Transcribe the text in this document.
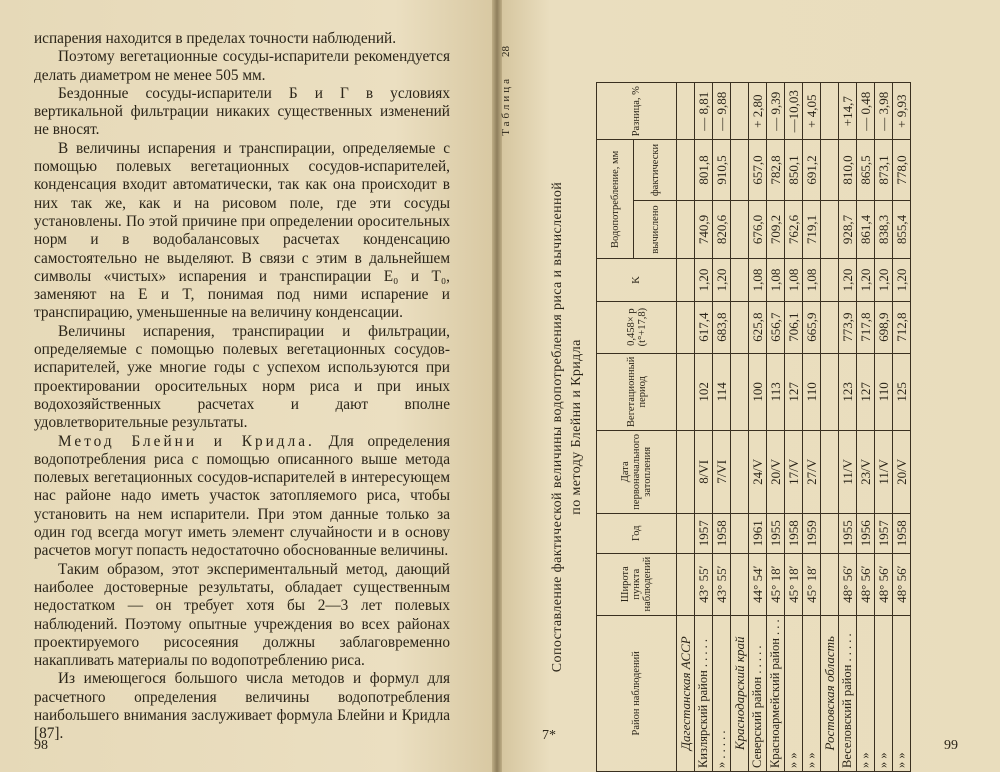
испарения находится в пределах точности наблюдений.

Поэтому вегетационные сосуды-испарители рекомендуется делать диаметром не менее 505 мм.

Бездонные сосуды-испарители Б и Г в условиях вертикальной фильтрации никаких существенных изменений не вносят.

В величины испарения и транспирации, определяемые с помощью полевых вегетационных сосудов-испарителей, конденсация входит автоматически, так как она происходит в них так же, как и на рисовом поле, где эти сосуды установлены. По этой причине при определении оросительных норм и в водобалансовых расчетах конденсацию самостоятельно не выделяют. В связи с этим в дальнейшем символы «чистых» испарения и транспирации E₀ и T₀, заменяют на E и T, понимая под ними испарение и транспирацию, уменьшенные на величину конденсации.

Величины испарения, транспирации и фильтрации, определяемые с помощью полевых вегетационных сосудов-испарителей, уже многие годы с успехом используются при проектировании оросительных норм риса и при иных водохозяйственных расчетах и дают вполне удовлетворительные результаты.

Метод Блейни и Кридла. Для определения водопотребления риса с помощью описанного выше метода полевых вегетационных сосудов-испарителей в интересующем нас районе надо иметь участок затопляемого риса, чтобы установить на нем испарители. При этом данные только за один год всегда могут иметь элемент случайности и в основу расчетов могут попасть недостаточно обоснованные величины.

Таким образом, этот экспериментальный метод, дающий наиболее достоверные результаты, обладает существенным недостатком — он требует хотя бы 2—3 лет полевых наблюдений. Поэтому опытные учреждения во всех районах проектируемого рисосеяния должны заблаговременно накапливать материалы по водопотреблению риса.

Из имеющегося большого числа методов и формул для расчетного определения величины водопотребления наибольшего внимания заслуживает формула Блейни и Кридла [87].

98
7*
99
Таблица
28
Сопоставление фактической величины водопотребления риса и вычисленной по методу Блейни и Кридла
Район наблюдений	Широта пункта наблюдений	Год	Дата первоначального затопления	Вегетационный период	0,458× p (t°+17,8)	K	Водопотребление, мм		Разница, %
							вычислено	фактически	
Дагестанская АССР									
Кизлярский район . . . . .	43° 55′	1957	8/VI	102	617,4	1,20	740,9	801,8	— 8,81
» . . . . .	43° 55′	1958	7/VI	114	683,8	1,20	820,6	910,5	— 9,88
Краснодарский край									
Северский район . . . . .	44° 54′	1961	24/V	100	625,8	1,08	676,0	657,0	+ 2,80
Красноармейский район . . .	45° 18′	1955	20/V	113	656,7	1,08	709,2	782,8	— 9,39
» »	45° 18′	1958	17/V	127	706,1	1,08	762,6	850,1	—10,03
» »	45° 18′	1959	27/V	110	665,9	1,08	719,1	691,2	+ 4,05
Ростовская область									
Веселовский район . . . . .	48° 56′	1955	11/V	123	773,9	1,20	928,7	810,0	+14,7
» »	48° 56′	1956	23/V	127	717,8	1,20	861,4	865,5	— 0,48
» »	48° 56′	1957	11/V	110	698,9	1,20	838,3	873,1	— 3,98
» »	48° 56′	1958	20/V	125	712,8	1,20	855,4	778,0	+ 9,93
